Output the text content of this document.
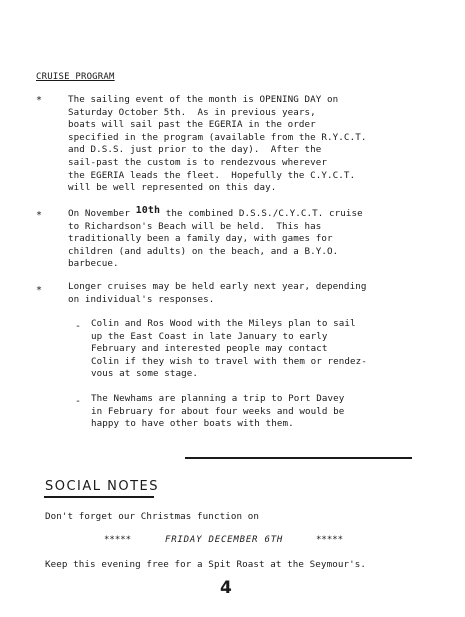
CRUISE PROGRAM
*	The sailing event of the month is OPENING DAY on
Saturday October 5th.  As in previous years,
boats will sail past the EGERIA in the order
specified in the program (available from the R.Y.C.T.
and D.S.S. just prior to the day).  After the
sail-past the custom is to rendezvous wherever
the EGERIA leads the fleet.  Hopefully the C.Y.C.T.
will be well represented on this day.
*	On November 10th the combined D.S.S./C.Y.C.T. cruise
to Richardson's Beach will be held.  This has
traditionally been a family day, with games for
children (and adults) on the beach, and a B.Y.O.
barbecue.
*	Longer cruises may be held early next year, depending
on individual's responses.
- Colin and Ros Wood with the Mileys plan to sail
up the East Coast in late January to early
February and interested people may contact
Colin if they wish to travel with them or rendez-
vous at some stage.
- The Newhams are planning a trip to Port Davey
in February for about four weeks and would be
happy to have other boats with them.
SOCIAL NOTES
Don't forget our Christmas function on
*****	FRIDAY DECEMBER 6TH	*****
Keep this evening free for a Spit Roast at the Seymour's.
4
